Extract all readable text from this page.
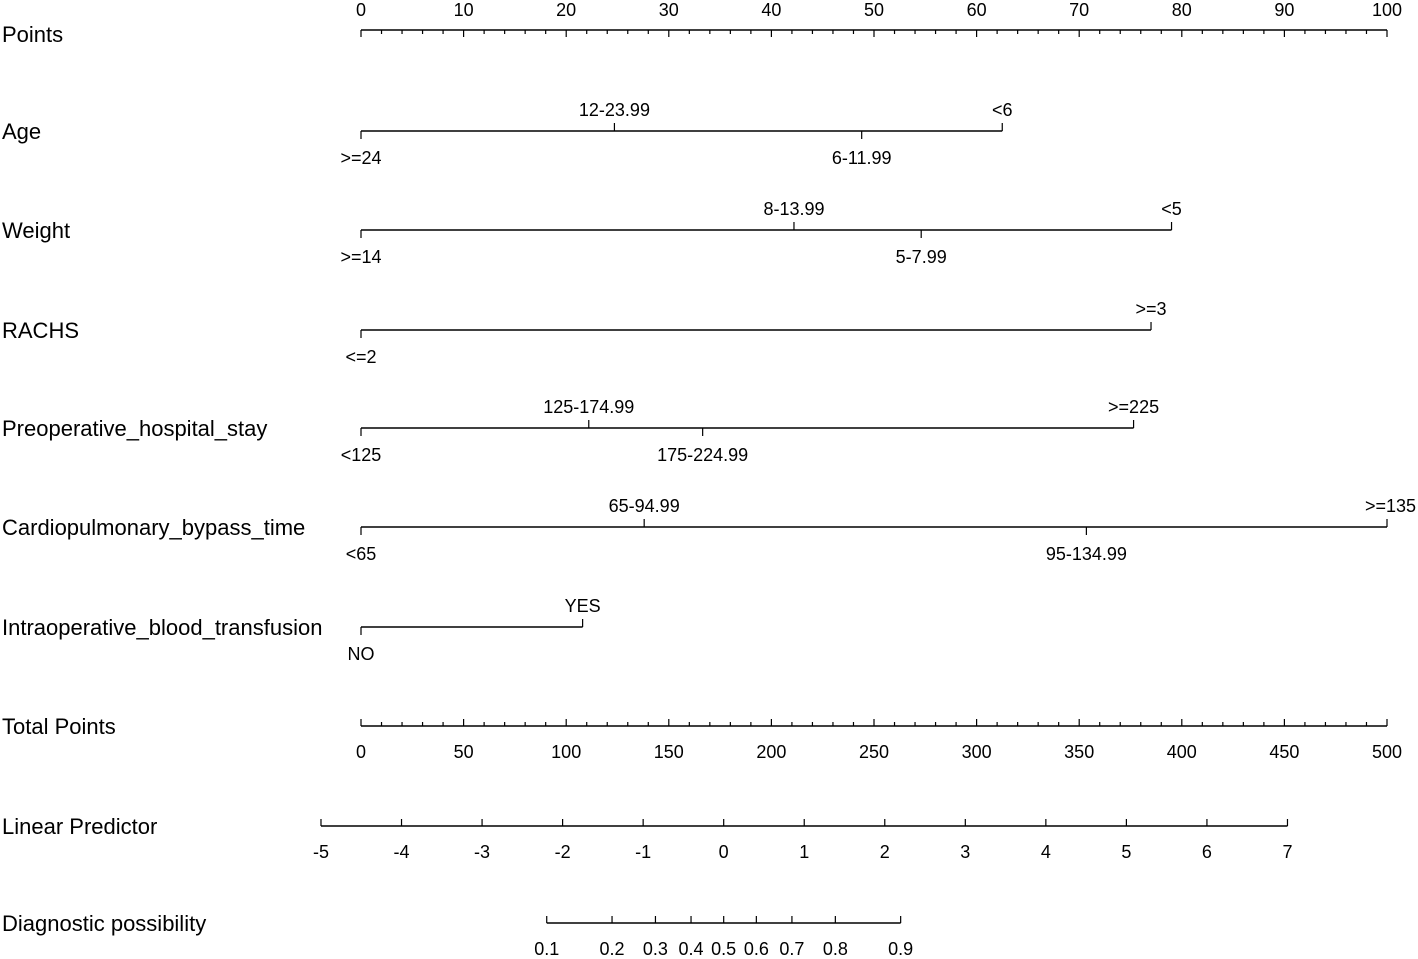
Points
0	10	20	30	40	50	60	70	80	90	100
Age
>=24
12-23.99
6-11.99
<6
Weight
>=14
8-13.99
5-7.99
<5
RACHS
<=2
>=3
Preoperative_hospital_stay
<125
125-174.99
175-224.99
>=225
Cardiopulmonary_bypass_time
<65
65-94.99
95-134.99
>=135
Intraoperative_blood_transfusion
NO
YES
Total Points
0	50	100	150	200	250	300	350	400	450	500
Linear Predictor
-5	-4	-3	-2	-1	0	1	2	3	4	5	6	7
Diagnostic possibility
0.1 0.2 0.3 0.4 0.5 0.6 0.7 0.8 0.9
